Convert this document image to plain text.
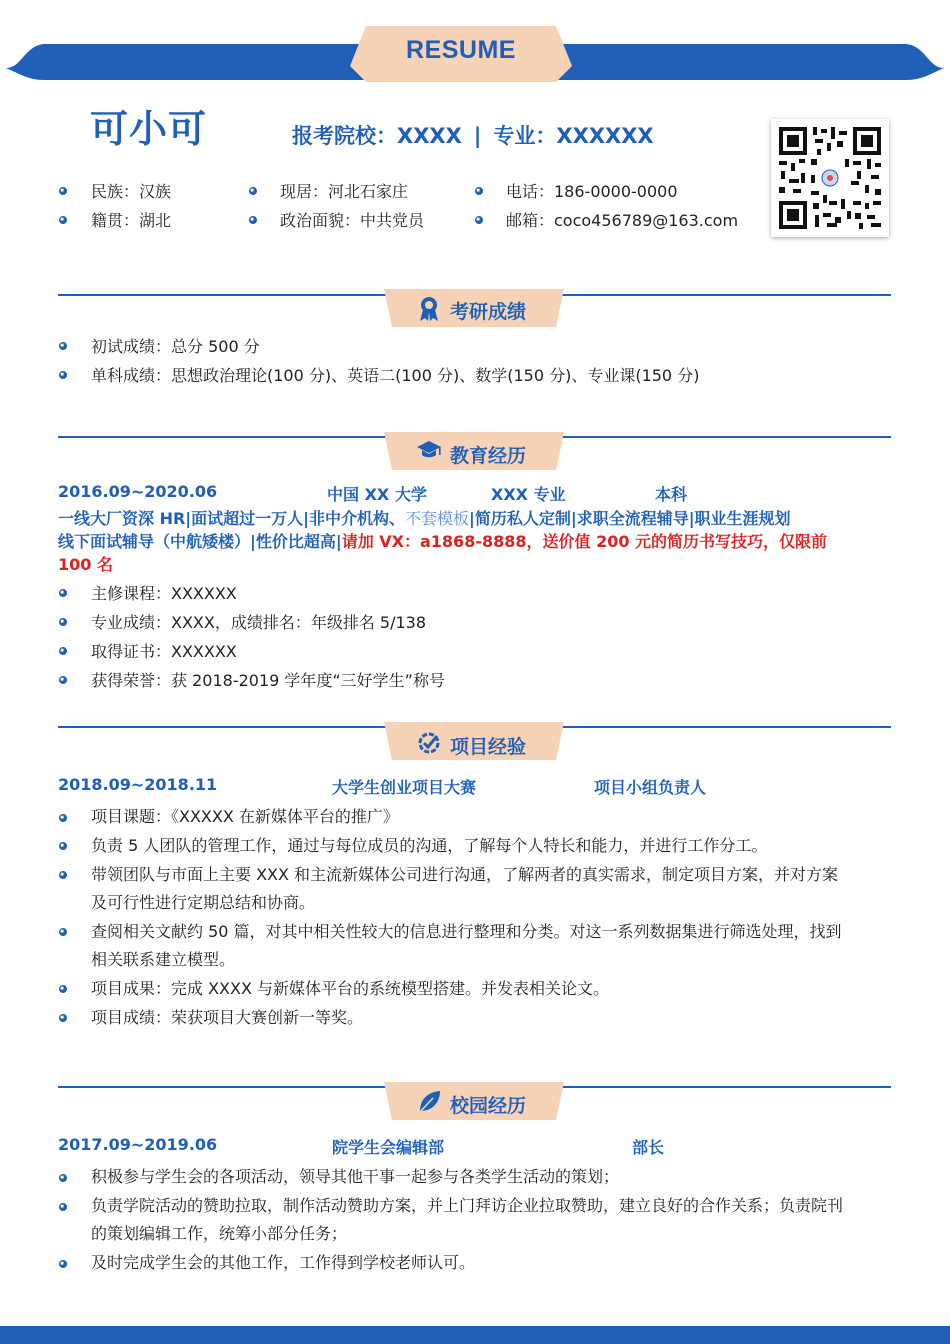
RESUME
可小可	报考院校：XXXX | 专业：XXXXXX
民族：汉族	现居：河北石家庄	电话：186-0000-0000
籍贯：湖北	政治面貌：中共党员	邮箱：coco456789@163.com
考研成绩
初试成绩：总分 500 分
单科成绩：思想政治理论(100 分)、英语二(100 分)、数学(150 分)、专业课(150 分)
教育经历
2016.09~2020.06	中国 XX 大学	XXX 专业	本科
一线大厂资深 HR|面试超过一万人|非中介机构、不套模板|简历私人定制|求职全流程辅导|职业生涯规划
线下面试辅导（中航矮楼）|性价比超高|请加 VX：a1868-8888，送价值 200 元的简历书写技巧，仅限前
100 名
主修课程：XXXXXX
专业成绩：XXXX，成绩排名：年级排名 5/138
取得证书：XXXXXX
获得荣誉：获 2018-2019 学年度“三好学生”称号
项目经验
2018.09~2018.11	大学生创业项目大赛	项目小组负责人
项目课题：《XXXXX 在新媒体平台的推广》
负责 5 人团队的管理工作，通过与每位成员的沟通，了解每个人特长和能力，并进行工作分工。
带领团队与市面上主要 XXX 和主流新媒体公司进行沟通，了解两者的真实需求，制定项目方案，并对方案
及可行性进行定期总结和协商。
查阅相关文献约 50 篇，对其中相关性较大的信息进行整理和分类。对这一系列数据集进行筛选处理，找到
相关联系建立模型。
项目成果：完成 XXXX 与新媒体平台的系统模型搭建。并发表相关论文。
项目成绩：荣获项目大赛创新一等奖。
校园经历
2017.09~2019.06	院学生会编辑部	部长
积极参与学生会的各项活动，领导其他干事一起参与各类学生活动的策划；
负责学院活动的赞助拉取，制作活动赞助方案，并上门拜访企业拉取赞助，建立良好的合作关系；负责院刊
的策划编辑工作，统筹小部分任务；
及时完成学生会的其他工作，工作得到学校老师认可。
